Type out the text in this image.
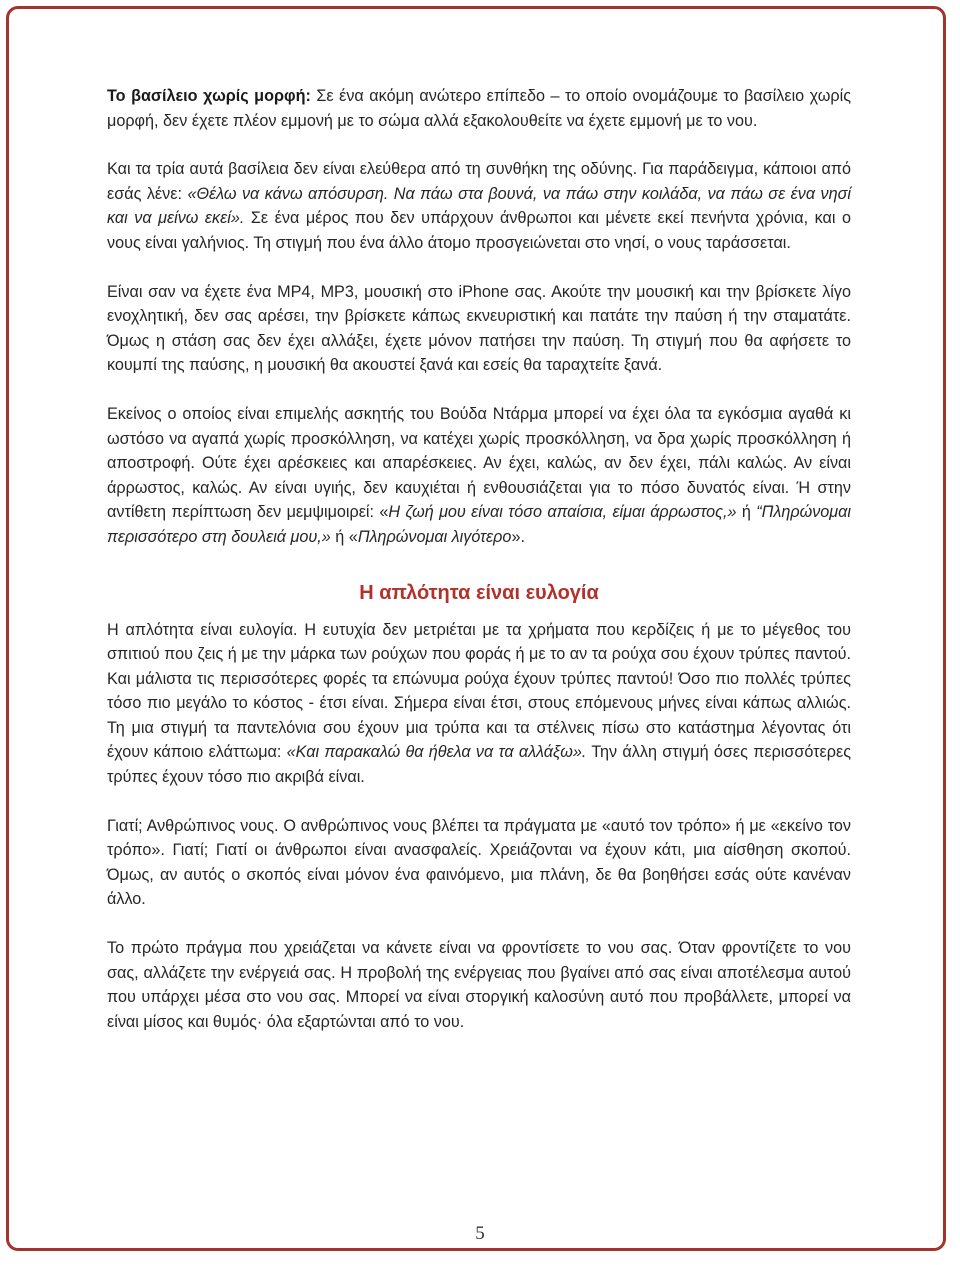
Το βασίλειο χωρίς μορφή: Σε ένα ακόμη ανώτερο επίπεδο – το οποίο ονομάζουμε το βασίλειο χωρίς μορφή, δεν έχετε πλέον εμμονή με το σώμα αλλά εξακολουθείτε να έχετε εμμονή με το νου.

Και τα τρία αυτά βασίλεια δεν είναι ελεύθερα από τη συνθήκη της οδύνης. Για παράδειγμα, κάποιοι από εσάς λένε: «Θέλω να κάνω απόσυρση. Να πάω στα βουνά, να πάω στην κοιλάδα, να πάω σε ένα νησί και να μείνω εκεί». Σε ένα μέρος που δεν υπάρχουν άνθρωποι και μένετε εκεί πενήντα χρόνια, και ο νους είναι γαλήνιος. Τη στιγμή που ένα άλλο άτομο προσγειώνεται στο νησί, ο νους ταράσσεται.

Είναι σαν να έχετε ένα MP4, MP3, μουσική στο iPhone σας. Ακούτε την μουσική και την βρίσκετε λίγο ενοχλητική, δεν σας αρέσει, την βρίσκετε κάπως εκνευριστική και πατάτε την παύση ή την σταματάτε. Όμως η στάση σας δεν έχει αλλάξει, έχετε μόνον πατήσει την παύση. Τη στιγμή που θα αφήσετε το κουμπί της παύσης, η μουσική θα ακουστεί ξανά και εσείς θα ταραχτείτε ξανά.

Εκείνος ο οποίος είναι επιμελής ασκητής του Βούδα Ντάρμα μπορεί να έχει όλα τα εγκόσμια αγαθά κι ωστόσο να αγαπά χωρίς προσκόλληση, να κατέχει χωρίς προσκόλληση, να δρα χωρίς προσκόλληση ή αποστροφή. Ούτε έχει αρέσκειες και απαρέσκειες. Αν έχει, καλώς, αν δεν έχει, πάλι καλώς. Αν είναι άρρωστος, καλώς. Αν είναι υγιής, δεν καυχιέται ή ενθουσιάζεται για το πόσο δυνατός είναι. Ή στην αντίθετη περίπτωση δεν μεμψιμοιρεί: «Η ζωή μου είναι τόσο απαίσια, είμαι άρρωστος,» ή “Πληρώνομαι περισσότερο στη δουλειά μου,» ή «Πληρώνομαι λιγότερο».

Η απλότητα είναι ευλογία

Η απλότητα είναι ευλογία. Η ευτυχία δεν μετριέται με τα χρήματα που κερδίζεις ή με το μέγεθος του σπιτιού που ζεις ή με την μάρκα των ρούχων που φοράς ή με το αν τα ρούχα σου έχουν τρύπες παντού. Και μάλιστα τις περισσότερες φορές τα επώνυμα ρούχα έχουν τρύπες παντού! Όσο πιο πολλές τρύπες τόσο πιο μεγάλο το κόστος - έτσι είναι. Σήμερα είναι έτσι, στους επόμενους μήνες είναι κάπως αλλιώς. Τη μια στιγμή τα παντελόνια σου έχουν μια τρύπα και τα στέλνεις πίσω στο κατάστημα λέγοντας ότι έχουν κάποιο ελάττωμα: «Και παρακαλώ θα ήθελα να τα αλλάξω». Την άλλη στιγμή όσες περισσότερες τρύπες έχουν τόσο πιο ακριβά είναι.

Γιατί; Ανθρώπινος νους. Ο ανθρώπινος νους βλέπει τα πράγματα με «αυτό τον τρόπο» ή με «εκείνο τον τρόπο». Γιατί; Γιατί οι άνθρωποι είναι ανασφαλείς. Χρειάζονται να έχουν κάτι, μια αίσθηση σκοπού. Όμως, αν αυτός ο σκοπός είναι μόνον ένα φαινόμενο, μια πλάνη, δε θα βοηθήσει εσάς ούτε κανέναν άλλο.

Το πρώτο πράγμα που χρειάζεται να κάνετε είναι να φροντίσετε το νου σας. Όταν φροντίζετε το νου σας, αλλάζετε την ενέργειά σας. Η προβολή της ενέργειας που βγαίνει από σας είναι αποτέλεσμα αυτού που υπάρχει μέσα στο νου σας. Μπορεί να είναι στοργική καλοσύνη αυτό που προβάλλετε, μπορεί να είναι μίσος και θυμός· όλα εξαρτώνται από το νου.

5
